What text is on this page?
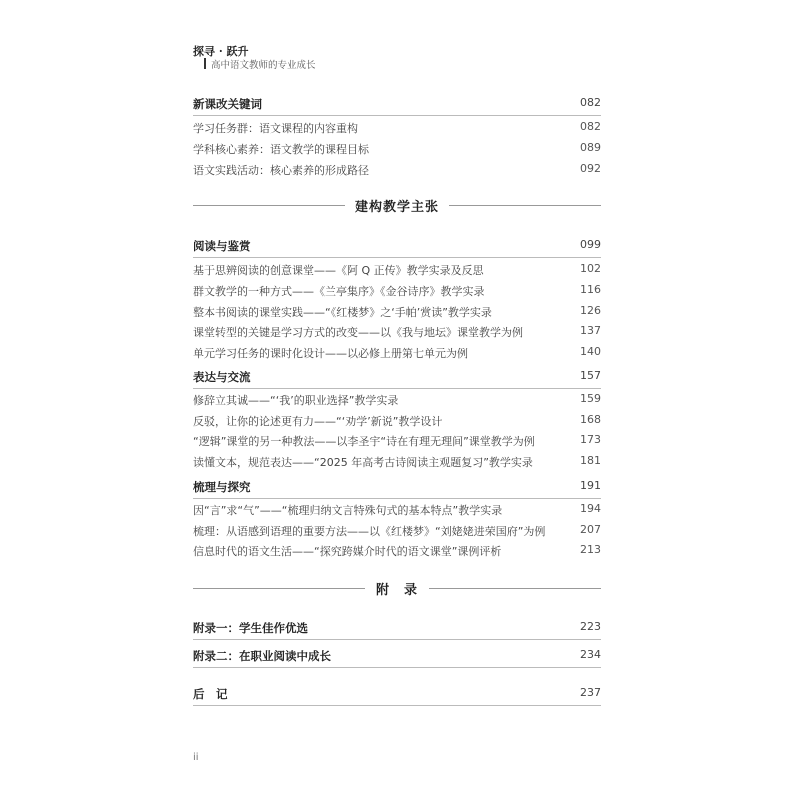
探寻 · 跃升
高中语文教师的专业成长
新课改关键词	082
学习任务群：语文课程的内容重构	082
学科核心素养：语文教学的课程目标	089
语文实践活动：核心素养的形成路径	092
建构教学主张
阅读与鉴赏	099
基于思辨阅读的创意课堂——《阿 Q 正传》教学实录及反思	102
群文教学的一种方式——《兰亭集序》《金谷诗序》教学实录	116
整本书阅读的课堂实践——“《红楼梦》之‘手帕’赏读”教学实录	126
课堂转型的关键是学习方式的改变——以《我与地坛》课堂教学为例	137
单元学习任务的课时化设计——以必修上册第七单元为例	140
表达与交流	157
修辞立其诚——“‘我’的职业选择”教学实录	159
反驳，让你的论述更有力——“‘劝学’新说”教学设计	168
“逻辑”课堂的另一种教法——以李圣宇“诗在有理无理间”课堂教学为例	173
读懂文本，规范表达——“2025 年高考古诗阅读主观题复习”教学实录	181
梳理与探究	191
因“言”求“气”——“梳理归纳文言特殊句式的基本特点”教学实录	194
梳理：从语感到语理的重要方法——以《红楼梦》“刘姥姥进荣国府”为例	207
信息时代的语文生活——“探究跨媒介时代的语文课堂”课例评析	213
附　录
附录一：学生佳作优选	223
附录二：在职业阅读中成长	234
后　记	237
ii
